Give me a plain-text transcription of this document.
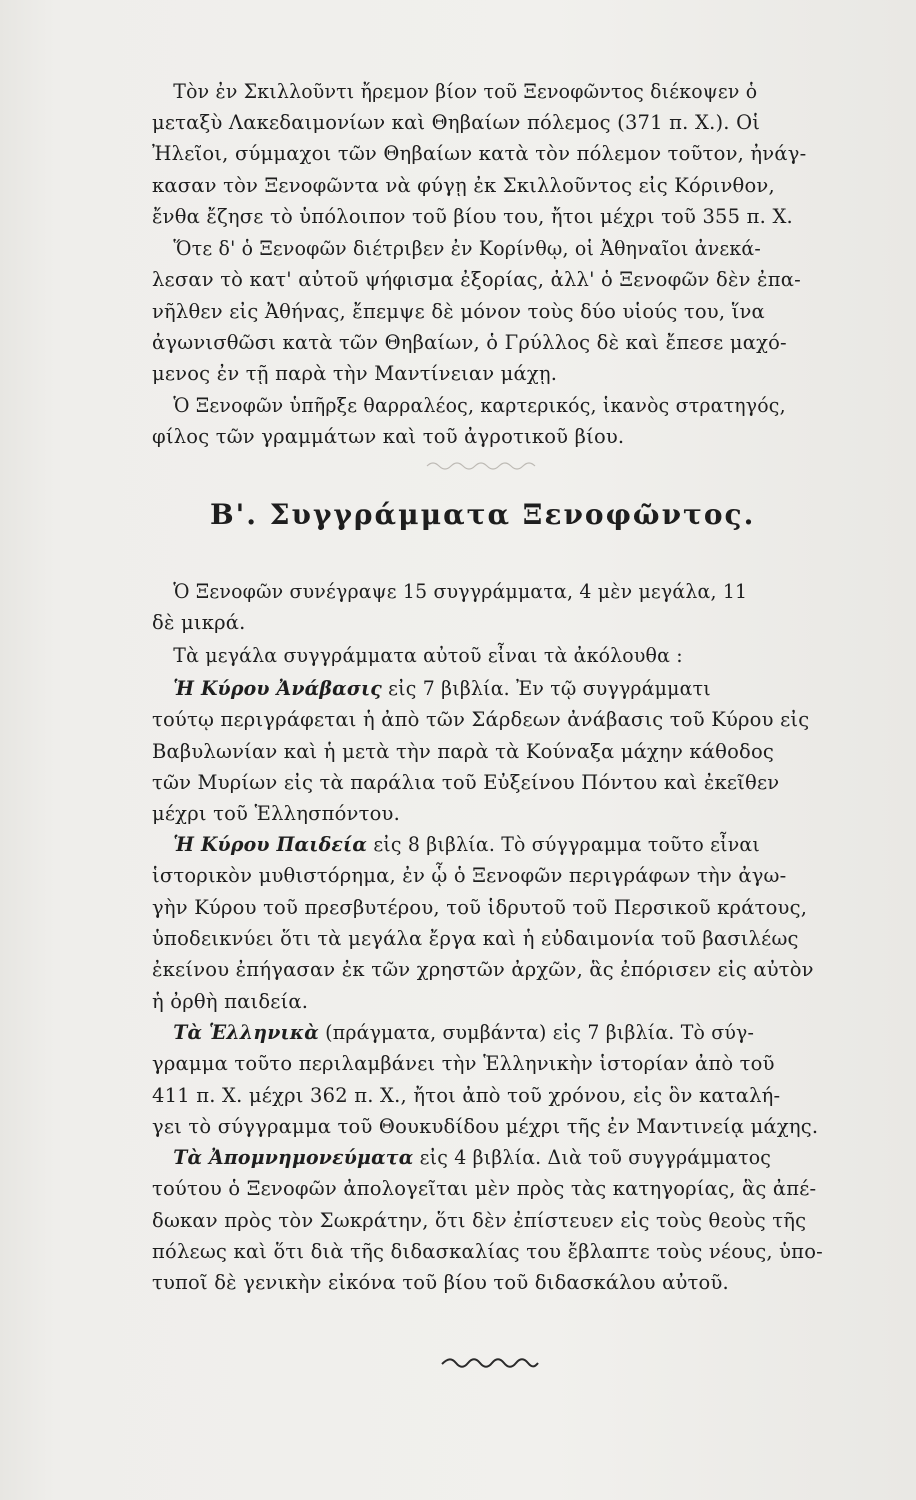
Τὸν ἐν Σκιλλοῦντι ἤρεμον βίον τοῦ Ξενοφῶντος διέκοψεν ὁ
μεταξὺ Λακεδαιμονίων καὶ Θηβαίων πόλεμος (371 π. Χ.). Οἱ
Ἠλεῖοι, σύμμαχοι τῶν Θηβαίων κατὰ τὸν πόλεμον τοῦτον, ἠνάγ-
κασαν τὸν Ξενοφῶντα νὰ φύγῃ ἐκ Σκιλλοῦντος εἰς Κόρινθον,
ἔνθα ἔζησε τὸ ὑπόλοιπον τοῦ βίου του, ἤτοι μέχρι τοῦ 355 π. Χ.
Ὅτε δ' ὁ Ξενοφῶν διέτριβεν ἐν Κορίνθῳ, οἱ Ἀθηναῖοι ἀνεκά-
λεσαν τὸ κατ' αὐτοῦ ψήφισμα ἐξορίας, ἀλλ' ὁ Ξενοφῶν δὲν ἐπα-
νῆλθεν εἰς Ἀθήνας, ἔπεμψε δὲ μόνον τοὺς δύο υἱούς του, ἵνα
ἀγωνισθῶσι κατὰ τῶν Θηβαίων, ὁ Γρύλλος δὲ καὶ ἔπεσε μαχό-
μενος ἐν τῇ παρὰ τὴν Μαντίνειαν μάχῃ.
Ὁ Ξενοφῶν ὑπῆρξε θαρραλέος, καρτερικός, ἱκανὸς στρατηγός,
φίλος τῶν γραμμάτων καὶ τοῦ ἀγροτικοῦ βίου.
Β'. Συγγράμματα Ξενοφῶντος.
Ὁ Ξενοφῶν συνέγραψε 15 συγγράμματα, 4 μὲν μεγάλα, 11
δὲ μικρά.
Τὰ μεγάλα συγγράμματα αὐτοῦ εἶναι τὰ ἀκόλουθα :
Ἡ Κύρου Ἀνάβασις εἰς 7 βιβλία. Ἐν τῷ συγγράμματι
τούτῳ περιγράφεται ἡ ἀπὸ τῶν Σάρδεων ἀνάβασις τοῦ Κύρου εἰς
Βαβυλωνίαν καὶ ἡ μετὰ τὴν παρὰ τὰ Κούναξα μάχην κάθοδος
τῶν Μυρίων εἰς τὰ παράλια τοῦ Εὐξείνου Πόντου καὶ ἐκεῖθεν
μέχρι τοῦ Ἑλλησπόντου.
Ἡ Κύρου Παιδεία εἰς 8 βιβλία. Τὸ σύγγραμμα τοῦτο εἶναι
ἱστορικὸν μυθιστόρημα, ἐν ᾧ ὁ Ξενοφῶν περιγράφων τὴν ἀγω-
γὴν Κύρου τοῦ πρεσβυτέρου, τοῦ ἱδρυτοῦ τοῦ Περσικοῦ κράτους,
ὑποδεικνύει ὅτι τὰ μεγάλα ἔργα καὶ ἡ εὐδαιμονία τοῦ βασιλέως
ἐκείνου ἐπήγασαν ἐκ τῶν χρηστῶν ἀρχῶν, ἃς ἐπόρισεν εἰς αὐτὸν
ἡ ὀρθὴ παιδεία.
Τὰ Ἑλληνικὰ (πράγματα, συμβάντα) εἰς 7 βιβλία. Τὸ σύγ-
γραμμα τοῦτο περιλαμβάνει τὴν Ἑλληνικὴν ἱστορίαν ἀπὸ τοῦ
411 π. Χ. μέχρι 362 π. Χ., ἤτοι ἀπὸ τοῦ χρόνου, εἰς ὃν καταλή-
γει τὸ σύγγραμμα τοῦ Θουκυδίδου μέχρι τῆς ἐν Μαντινείᾳ μάχης.
Τὰ Ἀπομνημονεύματα εἰς 4 βιβλία. Διὰ τοῦ συγγράμματος
τούτου ὁ Ξενοφῶν ἀπολογεῖται μὲν πρὸς τὰς κατηγορίας, ἃς ἀπέ-
δωκαν πρὸς τὸν Σωκράτην, ὅτι δὲν ἐπίστευεν εἰς τοὺς θεοὺς τῆς
πόλεως καὶ ὅτι διὰ τῆς διδασκαλίας του ἔβλαπτε τοὺς νέους, ὑπο-
τυποῖ δὲ γενικὴν εἰκόνα τοῦ βίου τοῦ διδασκάλου αὐτοῦ.
